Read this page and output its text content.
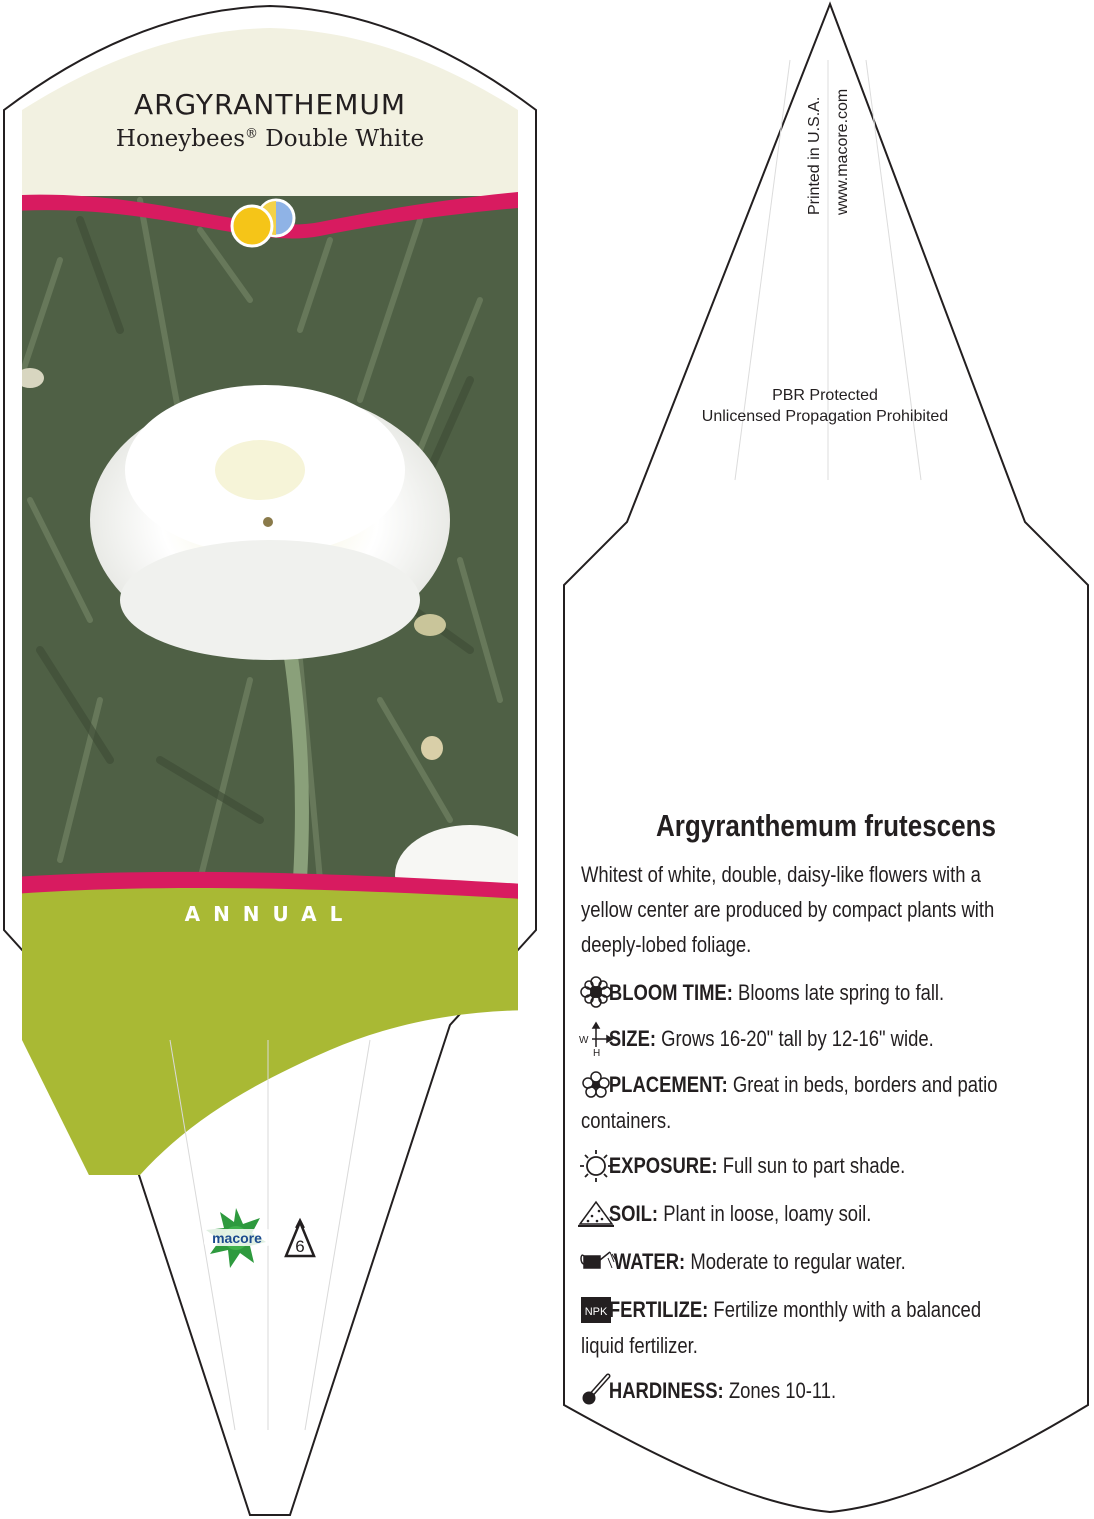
macore 6
W
H
NPK
ARGYRANTHEMUM
Honeybees® Double White
ANNUAL
Printed in U.S.A. www.macore.com
PBR Protected
Unlicensed Propagation Prohibited
Argyranthemum frutescens
Whitest of white, double, daisy-like flowers with a yellow center are produced by compact plants with deeply-lobed foliage.
BLOOM TIME: Blooms late spring to fall.
SIZE: Grows 16-20" tall by 12-16" wide.
PLACEMENT: Great in beds, borders and patio containers.
EXPOSURE: Full sun to part shade.
SOIL: Plant in loose, loamy soil.
WATER: Moderate to regular water.
FERTILIZE: Fertilize monthly with a balanced liquid fertilizer.
HARDINESS: Zones 10-11.
